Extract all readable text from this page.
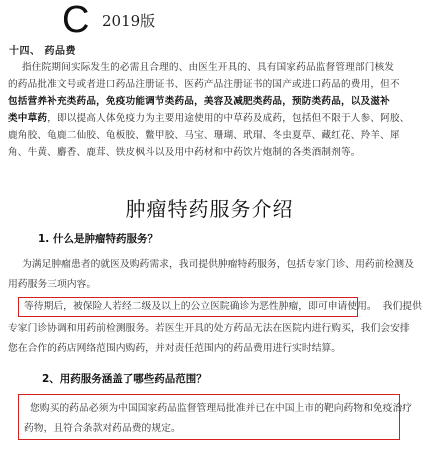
C 2019版
十四、 药品费
指住院期间实际发生的必需且合理的、由医生开具的、具有国家药品监督管理部门核发
的药品批准文号或者进口药品注册证书、医药产品注册证书的国产或进口药品的费用，但不
包括营养补充类药品，免疫功能调节类药品，美容及减肥类药品，预防类药品，以及滋补
类中草药，即以提高人体免疫力为主要用途使用的中草药及成药，包括但不限于人参、阿胶、
鹿角胶、龟鹿二仙胶、龟板胶、鳖甲胶、马宝、珊瑚、玳瑁、冬虫夏草、藏红花、羚羊、犀
角、牛黄、麝香、鹿茸、铁皮枫斗以及用中药材和中药饮片炮制的各类酒制剂等。
肿瘤特药服务介绍
1. 什么是肿瘤特药服务？
为满足肿瘤患者的就医及购药需求，我司提供肿瘤特药服务，包括专家门诊、用药前检测及
用药服务三项内容。
等待期后，被保险人若经二级及以上的公立医院确诊为恶性肿瘤，即可申请使用。 我们提供
专家门诊协调和用药前检测服务。若医生开具的处方药品无法在医院内进行购买，我们会安排
您在合作的药店网络范围内购药，并对责任范围内的药品费用进行实时结算。
2、用药服务涵盖了哪些药品范围？
您购买的药品必须为中国国家药品监督管理局批准并已在中国上市的靶向药物和免疫治疗
药物，且符合条款对药品费的规定。
